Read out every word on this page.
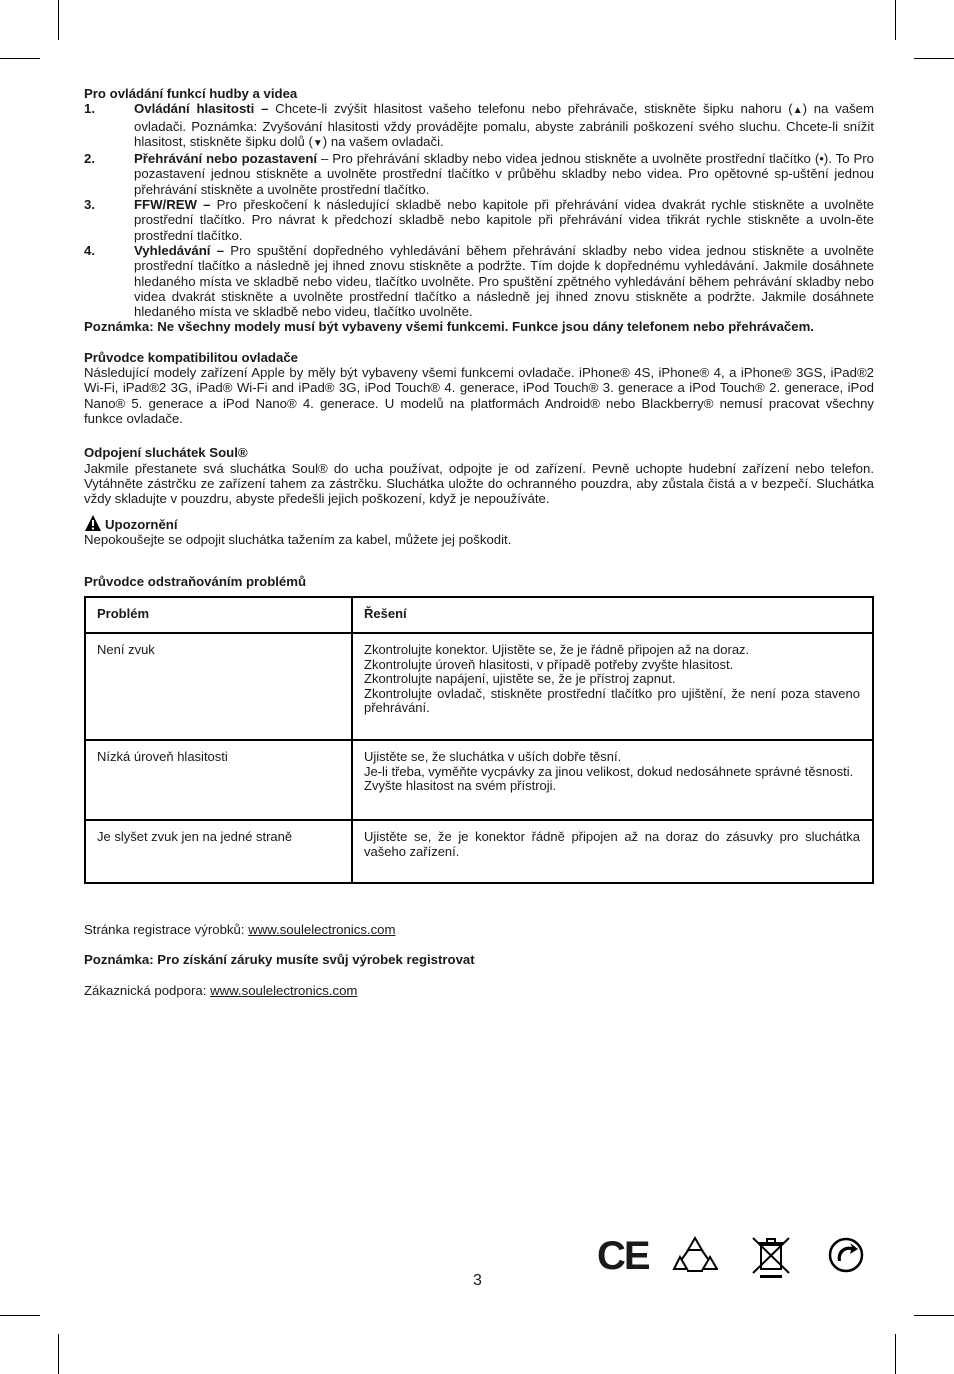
Pro ovládání funkcí hudby a videa
1.	Ovládání hlasitosti – Chcete-li zvýšit hlasitost vašeho telefonu nebo přehrávače, stiskněte šipku nahoru (▲) na vašem ovladači. Poznámka: Zvyšování hlasitosti vždy provádějte pomalu, abyste zabránili poškození svého sluchu. Chcete-li snížit hlasitost, stiskněte šipku dolů (▼) na vašem ovladači.
2.	Přehrávání nebo pozastavení – Pro přehrávání skladby nebo videa jednou stiskněte a uvolněte prostřední tlačítko (•). To Pro pozastavení jednou stiskněte a uvolněte prostřední tlačítko v průběhu skladby nebo videa. Pro opětovné sp-uštění jednou přehrávání stiskněte a uvolněte prostřední tlačítko.
3.	FFW/REW – Pro přeskočení k následující skladbě nebo kapitole při přehrávání videa dvakrát rychle stiskněte a uvolněte prostřední tlačítko. Pro návrat k předchozí skladbě nebo kapitole při přehrávání videa třikrát rychle stiskněte a uvoln-ěte prostřední tlačítko.
4.	Vyhledávání – Pro spuštění dopředného vyhledávání během přehrávání skladby nebo videa jednou stiskněte a uvolněte prostřední tlačítko a následně jej ihned znovu stiskněte a podržte. Tím dojde k dopřednému vyhledávání. Jakmile dosáhnete hledaného místa ve skladbě nebo videu, tlačítko uvolněte. Pro spuštění zpětného vyhledávání během pehrávání skladby nebo videa dvakrát stiskněte a uvolněte prostřední tlačítko a následně jej ihned znovu stiskněte a podržte. Jakmile dosáhnete hledaného místa ve skladbě nebo videu, tlačítko uvolněte.
Poznámka: Ne všechny modely musí být vybaveny všemi funkcemi. Funkce jsou dány telefonem nebo přehrávačem.
Průvodce kompatibilitou ovladače
Následující modely zařízení Apple by měly být vybaveny všemi funkcemi ovladače. iPhone® 4S, iPhone® 4, a iPhone® 3GS, iPad®2 Wi-Fi, iPad®2 3G, iPad® Wi-Fi and iPad® 3G, iPod Touch® 4. generace, iPod Touch® 3. generace a iPod Touch® 2. generace, iPod Nano® 5. generace a iPod Nano® 4. generace. U modelů na platformách Android® nebo Blackberry® nemusí pracovat všechny funkce ovladače.
Odpojení sluchátek Soul®
Jakmile přestanete svá sluchátka Soul® do ucha používat, odpojte je od zařízení. Pevně uchopte hudební zařízení nebo telefon. Vytáhněte zástrčku ze zařízení tahem za zástrčku. Sluchátka uložte do ochranného pouzdra, aby zůstala čistá a v bezpečí. Sluchátka vždy skladujte v pouzdru, abyste předešli jejich poškození, když je nepoužíváte.
Upozornění
Nepokoušejte se odpojit sluchátka tažením za kabel, můžete jej poškodit.
Průvodce odstraňováním problémů
Problém	Řešení
Není zvuk	Zkontrolujte konektor. Ujistěte se, že je řádně připojen až na doraz.
Zkontrolujte úroveň hlasitosti, v případě potřeby zvyšte hlasitost.
Zkontrolujte napájení, ujistěte se, že je přístroj zapnut.
Zkontrolujte ovladač, stiskněte prostřední tlačítko pro ujištění, že není poza staveno přehrávání.

Nízká úroveň hlasitosti	Ujistěte se, že sluchátka v uších dobře těsní.
Je-li třeba, vyměňte vycpávky za jinou velikost, dokud nedosáhnete správné těsnosti.
Zvyšte hlasitost na svém přístroji.

Je slyšet zvuk jen na jedné straně	Ujistěte se, že je konektor řádně připojen až na doraz do zásuvky pro sluchátka vašeho zařízení.

Stránka registrace výrobků: www.soulelectronics.com

Poznámka: Pro získání záruky musíte svůj výrobek registrovat

Zákaznická podpora: www.soulelectronics.com

CE
3
